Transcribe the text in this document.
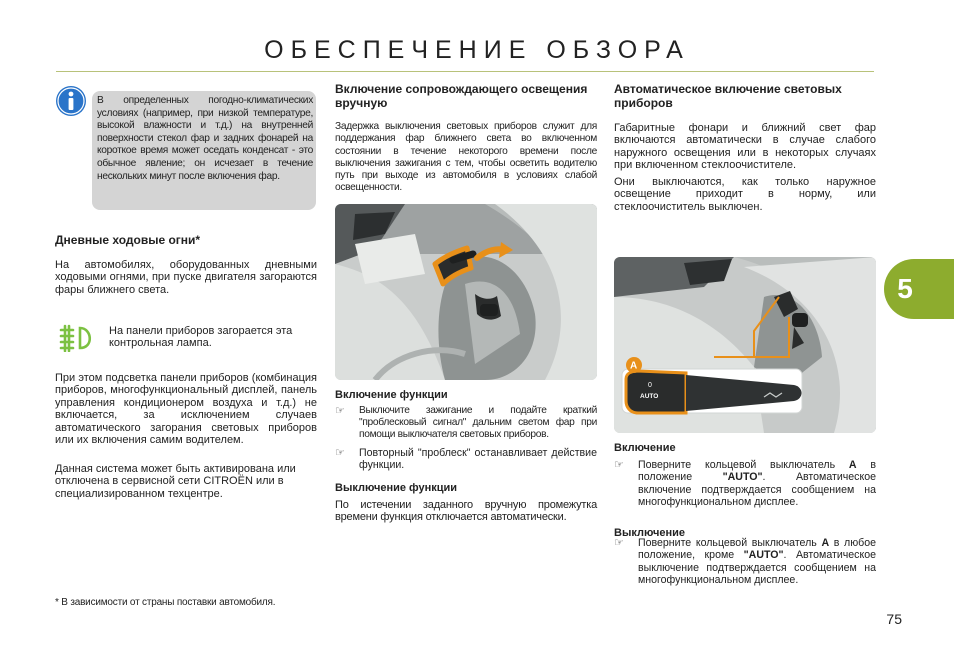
ОБЕСПЕЧЕНИЕ ОБЗОРА
В определенных погодно-климатических условиях (например, при низкой температуре, высокой влажности и т.д.) на внутренней поверхности стекол фар и задних фонарей на короткое время может оседать конденсат - это обычное явление; он исчезает в течение нескольких минут после включения фар.
Дневные ходовые огни*
На автомобилях, оборудованных дневными ходовыми огнями, при пуске двигателя загораются фары ближнего света.
На панели приборов загорается эта контрольная лампа.
При этом подсветка панели приборов (комбинация приборов, многофункциональный дисплей, панель управления кондиционером воздуха и т.д.) не включается, за исключением случаев автоматического загорания световых приборов или их включения самим водителем.
Данная система может быть активирована или отключена в сервисной сети CITROËN или в специализированном техцентре.
* В зависимости от страны поставки автомобиля.
Включение сопровождающего освещения вручную
Задержка выключения световых приборов служит для поддержания фар ближнего света во включенном состоянии в течение некоторого времени после выключения зажигания с тем, чтобы осветить водителю путь при выходе из автомобиля в условиях слабой освещенности.
Включение функции
☞ Выключите зажигание и подайте краткий "проблесковый сигнал" дальним светом фар при помощи выключателя световых приборов.
☞ Повторный "проблеск" останавливает действие функции.
Выключение функции
По истечении заданного вручную промежутка времени функция отключается автоматически.
Автоматическое включение световых приборов
Габаритные фонари и ближний свет фар включаются автоматически в случае слабого наружного освещения или в некоторых случаях при включенном стеклоочистителе.
Они выключаются, как только наружное освещение приходит в норму, или стеклоочиститель выключен.
0
AUTO
A
Включение
☞ Поверните кольцевой выключатель A в положение "AUTO". Автоматическое включение подтверждается сообщением на многофункциональном дисплее.
Выключение
☞ Поверните кольцевой выключатель A в любое положение, кроме "AUTO". Автоматическое выключение подтверждается сообщением на многофункциональном дисплее.
5
75
